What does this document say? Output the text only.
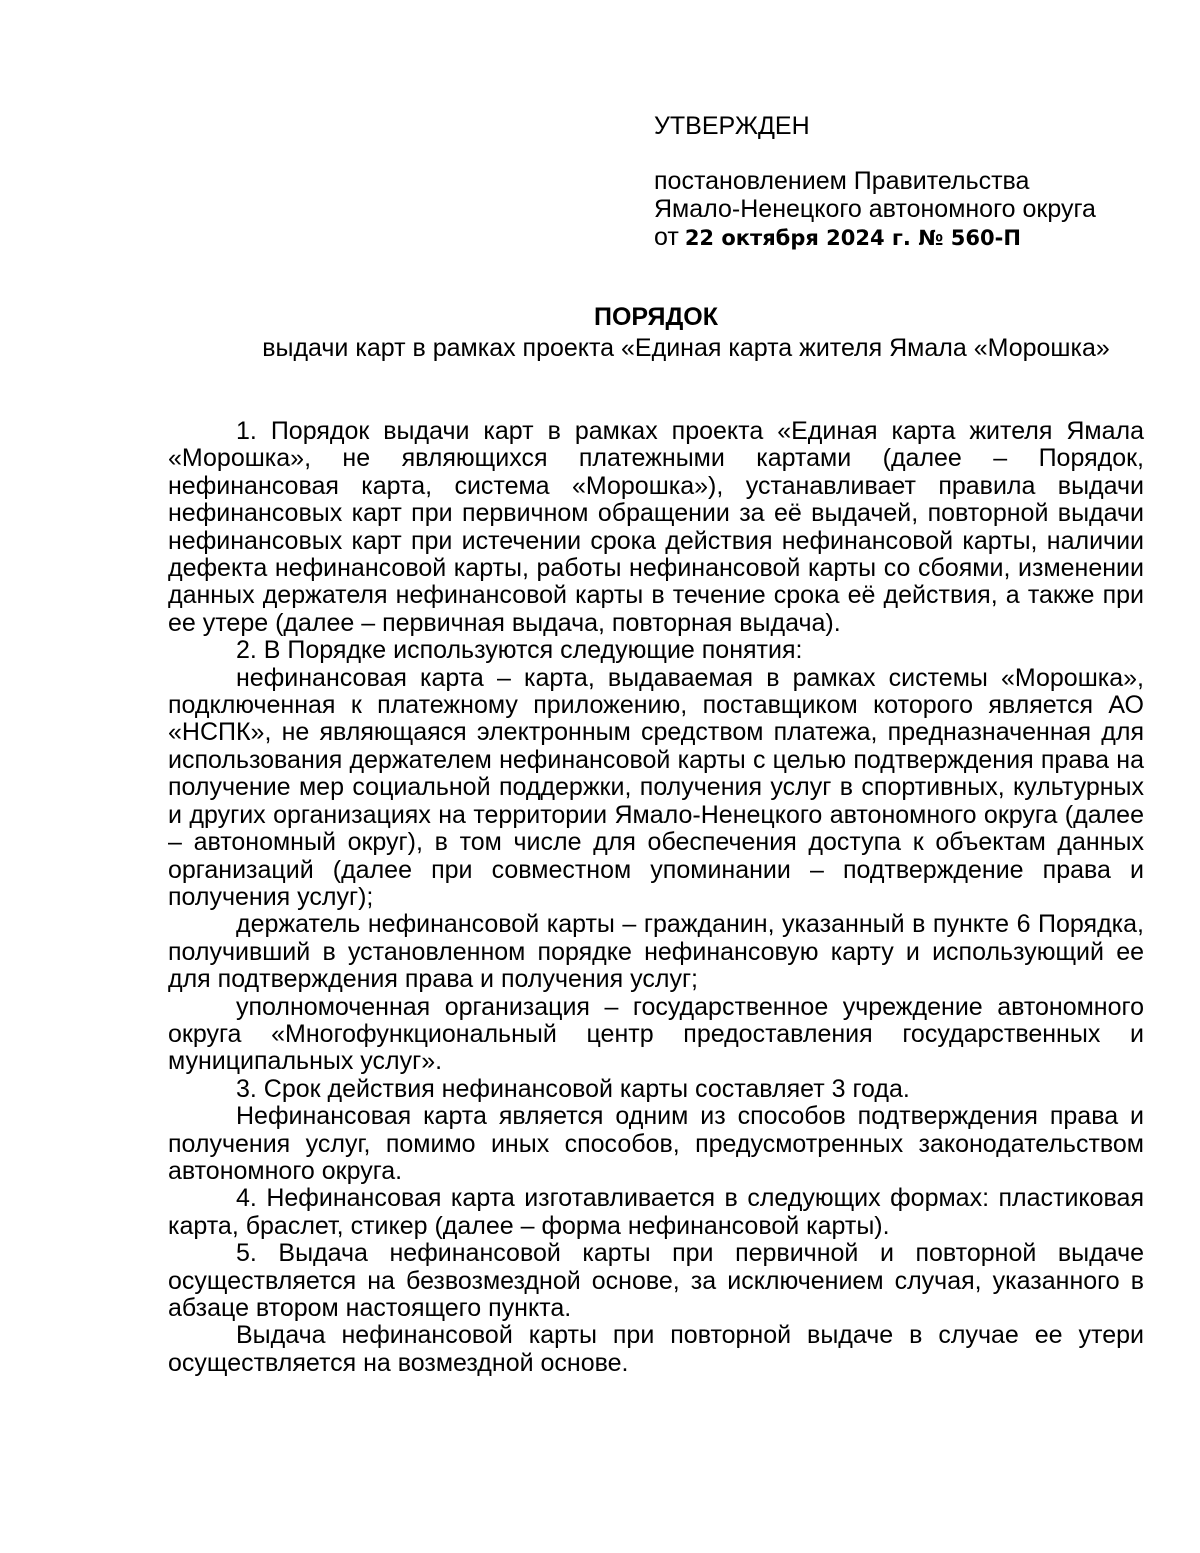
УТВЕРЖДЕН
постановлением Правительства
Ямало-Ненецкого автономного округа
от 22 октября 2024 г. № 560-П
ПОРЯДОК
выдачи карт в рамках проекта «Единая карта жителя Ямала «Морошка»

1. Порядок выдачи карт в рамках проекта «Единая карта жителя Ямала «Морошка», не являющихся платежными картами (далее – Порядок, нефинансовая карта, система «Морошка»), устанавливает правила выдачи нефинансовых карт при первичном обращении за её выдачей, повторной выдачи нефинансовых карт при истечении срока действия нефинансовой карты, наличии дефекта нефинансовой карты, работы нефинансовой карты со сбоями, изменении данных держателя нефинансовой карты в течение срока её действия, а также при ее утере (далее – первичная выдача, повторная выдача).

2. В Порядке используются следующие понятия:

нефинансовая карта – карта, выдаваемая в рамках системы «Морошка», подключенная к платежному приложению, поставщиком которого является АО «НСПК», не являющаяся электронным средством платежа, предназначенная для использования держателем нефинансовой карты с целью подтверждения права на получение мер социальной поддержки, получения услуг в спортивных, культурных и других организациях на территории Ямало-Ненецкого автономного округа (далее – автономный округ), в том числе для обеспечения доступа к объектам данных организаций (далее при совместном упоминании – подтверждение права и получения услуг);

держатель нефинансовой карты – гражданин, указанный в пункте 6 Порядка, получивший в установленном порядке нефинансовую карту и использующий ее для подтверждения права и получения услуг;

уполномоченная организация – государственное учреждение автономного округа «Многофункциональный центр предоставления государственных и муниципальных услуг».

3. Срок действия нефинансовой карты составляет 3 года.

Нефинансовая карта является одним из способов подтверждения права и получения услуг, помимо иных способов, предусмотренных законодательством автономного округа.

4. Нефинансовая карта изготавливается в следующих формах: пластиковая карта, браслет, стикер (далее – форма нефинансовой карты).

5. Выдача нефинансовой карты при первичной и повторной выдаче осуществляется на безвозмездной основе, за исключением случая, указанного в абзаце втором настоящего пункта.

Выдача нефинансовой карты при повторной выдаче в случае ее утери осуществляется на возмездной основе.
